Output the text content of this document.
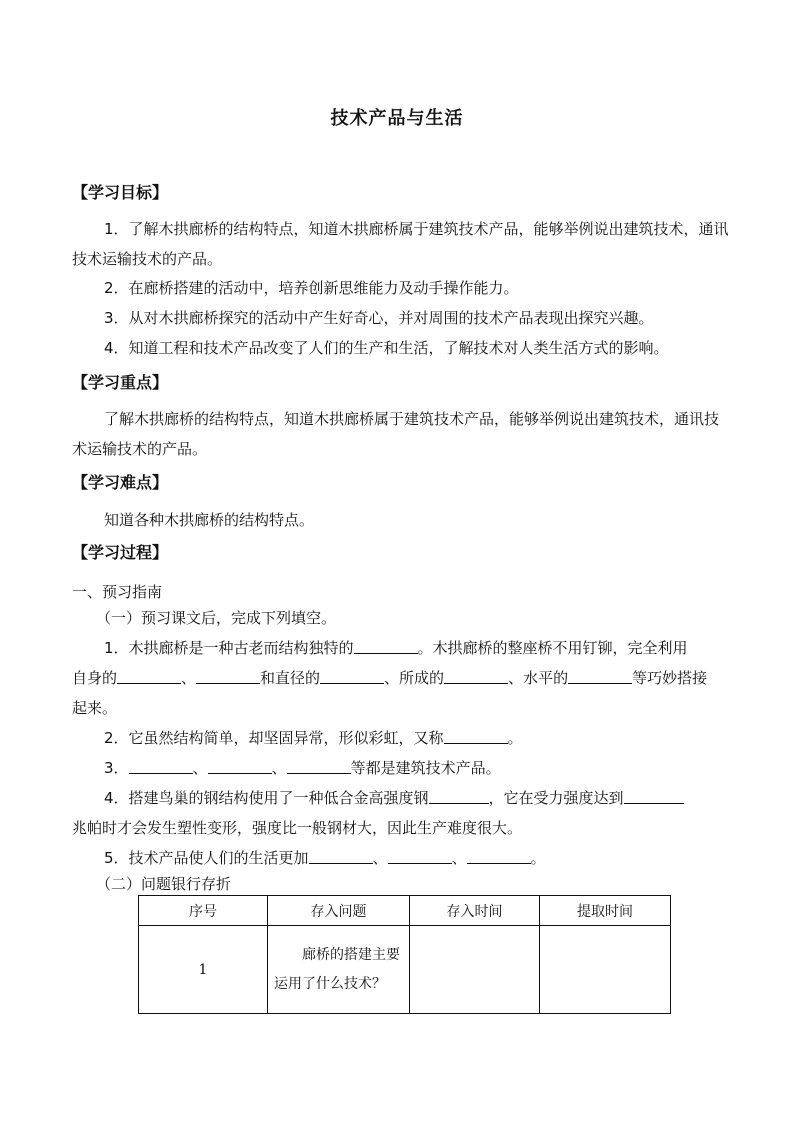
技术产品与生活
【学习目标】
1．了解木拱廊桥的结构特点，知道木拱廊桥属于建筑技术产品，能够举例说出建筑技术，通讯技术运输技术的产品。
2．在廊桥搭建的活动中，培养创新思维能力及动手操作能力。
3．从对木拱廊桥探究的活动中产生好奇心，并对周围的技术产品表现出探究兴趣。
4．知道工程和技术产品改变了人们的生产和生活，了解技术对人类生活方式的影响。
【学习重点】
了解木拱廊桥的结构特点，知道木拱廊桥属于建筑技术产品，能够举例说出建筑技术，通讯技术运输技术的产品。
【学习难点】
知道各种木拱廊桥的结构特点。
【学习过程】
一、预习指南
（一）预习课文后，完成下列填空。
1．木拱廊桥是一种古老而结构独特的	。木拱廊桥的整座桥不用钉铆，完全利用
自身的	、	和直径的	、所成的	、水平的	等巧妙搭接
起来。
2．它虽然结构简单，却坚固异常，形似彩虹，又称	。
3．	、	、	等都是建筑技术产品。
4．搭建鸟巢的钢结构使用了一种低合金高强度钢	，它在受力强度达到
兆帕时才会发生塑性变形，强度比一般钢材大，因此生产难度很大。
5．技术产品使人们的生活更加	、	、	。
（二）问题银行存折
序号	存入问题	存入时间	提取时间
1	廊桥的搭建主要运用了什么技术？		
